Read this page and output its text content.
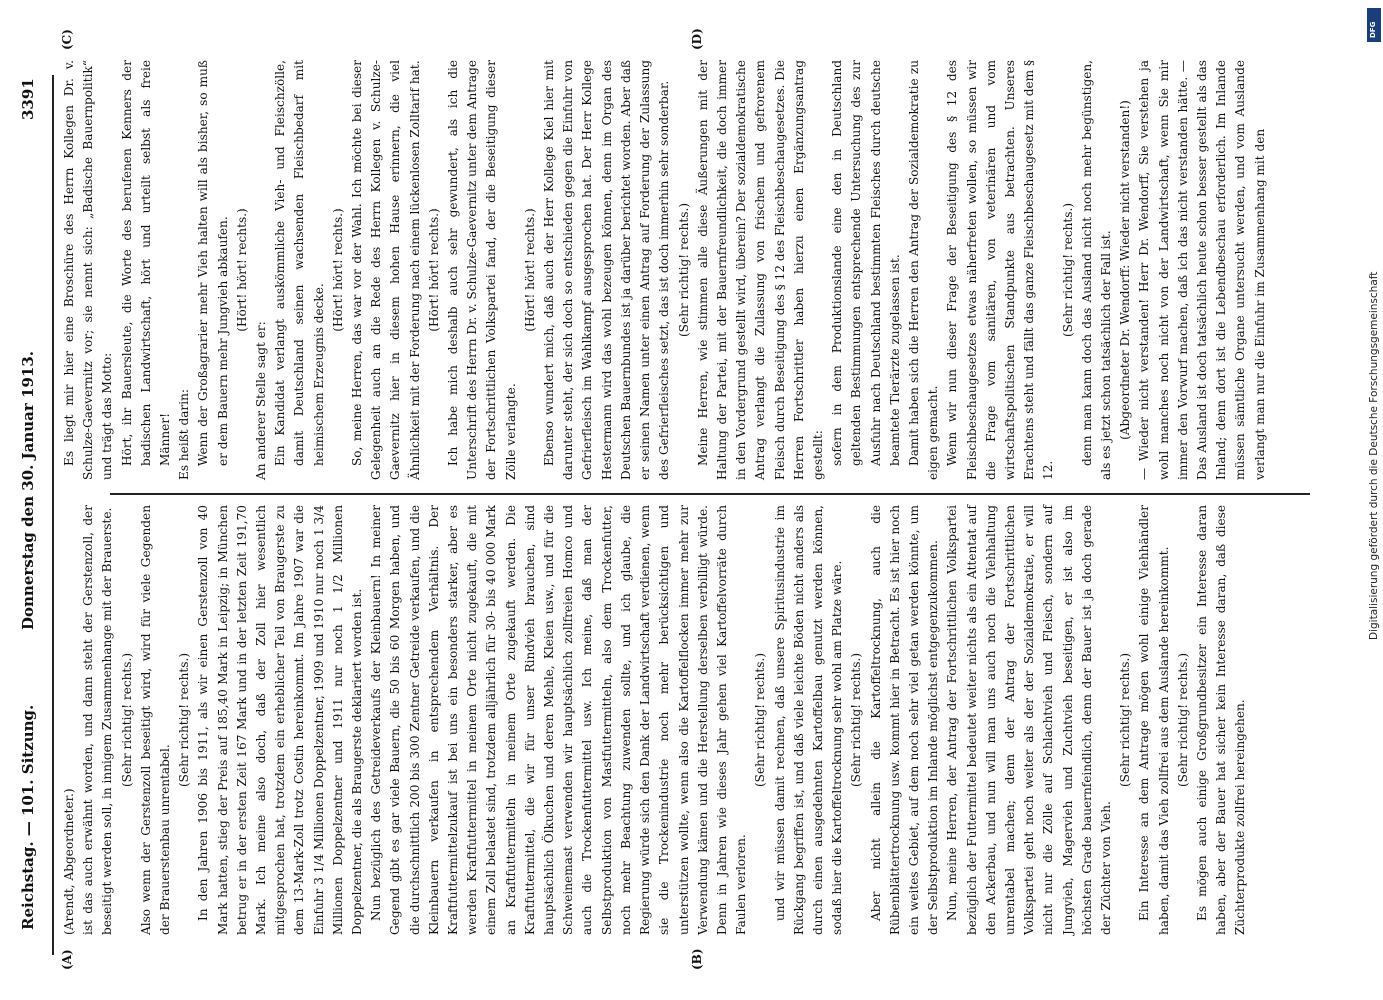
Reichstag. — 101. Sitzung.
Donnerstag den 30. Januar 1913.
3391
(A)	(B)
(C)	(D)

(Arendt, Abgeordneter.) ist das auch erwähnt worden, und dann steht der Gerstenzoll, der beseitigt werden soll, in innigem Zusammenhange mit der Brauerste. (Sehr richtig! rechts.) Also wenn der Gerstenzoll beseitigt wird, wird für viele Gegenden der Brauerstenbau unrentabel.

(Sehr richtig! rechts.) In den Jahren 1906 bis 1911, als wir einen Gerstenzoll von 40 Mark hatten, stieg der Preis auf 185,40 Mark in Leipzig; in München betrug er in der ersten Zeit 167 Mark und in der letzten Zeit 191,70 Mark. Ich meine also doch, daß der Zoll hier wesentlich mitgesprochen hat, trotzdem ein erheblicher Teil von Braugerste zu dem 13-Mark-Zoll trotz Costin hereinkommt. Im Jahre 1907 war die Einfuhr 3 1/4 Millionen Doppelzentner, 1909 und 1910 nur noch 1 3/4 Millionen Doppelzentner und 1911 nur noch 1 1/2 Millionen Doppelzentner, die als Braugerste deklariert worden ist. Nun bezüglich des Getreideverkaufs der Kleinbauern! In meiner Gegend gibt es gar viele Bauern, die 50 bis 60 Morgen haben, und die durchschnittlich 200 bis 300 Zentner Getreide verkaufen, und die Kleinbauern verkaufen in entsprechendem Verhältnis. Der Kraftfuttermittelzukauf ist bei uns ein besonders starker, aber es werden Kraftfuttermittel in meinem Orte nicht zugekauft, die mit einem Zoll belastet sind, trotzdem alljährlich für 30- bis 40 000 Mark an Kraftfuttermitteln in meinem Orte zugekauft werden. Die Kraftfuttermittel, die wir für unser Rindvieh brauchen, sind hauptsächlich Ölkuchen und deren Mehle, Kleien usw., und für die Schweinemast verwenden wir hauptsächlich zollfreien Homco und auch die Trockenfuttermittel usw. Ich meine, daß man der Selbstproduktion von Mastfuttermitteln, also dem Trockenfutter, noch mehr Beachtung zuwenden sollte, und ich glaube, die Regierung würde sich den Dank der Landwirtschaft verdienen, wenn sie die Trockenindustrie noch mehr berücksichtigen und unterstützen wollte, wenn also die Kartoffelflocken immer mehr zur Verwendung kämen und die Herstellung derselben verbilligt würde. Denn in Jahren wie dieses Jahr gehen viel Kartoffelvorräte durch Faulen verloren.

(Sehr richtig! rechts.) und wir müssen damit rechnen, daß unsere Spiritusindustrie im Rückgang begriffen ist, und daß viele leichte Böden nicht anders als durch einen ausgedehnten Kartoffelbau genutzt werden können, sodaß hier die Kartoffeltrocknung sehr wohl am Platze wäre. (Sehr richtig! rechts.) Aber nicht allein die Kartoffeltrocknung, auch die Rübenblättertrocknung usw. kommt hier in Betracht. Es ist hier noch ein weites Gebiet, auf dem noch sehr viel getan werden könnte, um der Selbstproduktion im Inlande möglichst entgegenzukommen. Nun, meine Herren, der Antrag der Fortschrittlichen Volkspartei bezüglich der Futtermittel bedeutet weiter nichts als ein Attentat auf den Ackerbau, und nun will man uns auch noch die Viehhaltung unrentabel machen; denn der Antrag der Fortschrittlichen Volkspartei geht noch weiter als der der Sozialdemokratie, er will nicht nur die Zölle auf Schlachtvieh und Fleisch, sondern auf Jungvieh, Magervieh und Zuchtvieh beseitigen, er ist also im höchsten Grade bauernfeindlich, denn der Bauer ist ja doch gerade der Züchter von Vieh.

(Sehr richtig! rechts.) Ein Interesse an dem Antrage mögen wohl einige Viehhändler haben, damit das Vieh zollfrei aus dem Auslande hereinkommt. (Sehr richtig! rechts.) Es mögen auch einige Großgrundbesitzer ein Interesse daran haben, aber der Bauer hat sicher kein Interesse daran, daß diese Züchterprodukte zollfrei hereingehen.

Es liegt mir hier eine Broschüre des Herrn Kollegen Dr. v. Schulze-Gaevernitz vor; sie nennt sich: „Badische Bauernpolitik“ und trägt das Motto: Hört, ihr Bauersleute, die Worte des berufenen Kenners der badischen Landwirtschaft, hört und urteilt selbst als freie Männer! Es heißt darin: Wenn der Großagrarier mehr Vieh halten will als bisher, so muß er dem Bauern mehr Jungvieh abkaufen. (Hört! hört! rechts.)

An anderer Stelle sagt er: Ein Kandidat verlangt auskömmliche Vieh- und Fleischzölle, damit Deutschland seinen wachsenden Fleischbedarf mit heimischem Erzeugnis decke.

(Hört! hört! rechts.) So, meine Herren, das war vor der Wahl. Ich möchte bei dieser Gelegenheit auch an die Rede des Herrn Kollegen v. Schulze-Gaevernitz hier in diesem hohen Hause erinnern, die viel Ähnlichkeit mit der Forderung nach einem lückenlosen Zolltarif hat. (Hört! hört! rechts.) Ich habe mich deshalb auch sehr gewundert, als ich die Unterschrift des Herrn Dr. v. Schulze-Gaevernitz unter dem Antrage der Fortschrittlichen Volkspartei fand, der die Beseitigung dieser Zölle verlangte.

(Hört! hört! rechts.) Ebenso wundert mich, daß auch der Herr Kollege Kiel hier mit darunter steht, der sich doch so entschieden gegen die Einfuhr von Gefrierfleisch im Wahlkampf ausgesprochen hat. Der Herr Kollege Hestermann wird das wohl bezeugen können, denn im Organ des Deutschen Bauernbundes ist ja darüber berichtet worden. Aber daß er seinen Namen unter einen Antrag auf Forderung der Zulassung des Gefrierfleisches setzt, das ist doch immerhin sehr sonderbar. (Sehr richtig! rechts.) Meine Herren, wie stimmen alle diese Äußerungen mit der Haltung der Partei, mit der Bauernfreundlichkeit, die doch immer in den Vordergrund gestellt wird, überein? Der sozialdemokratische Antrag verlangt die Zulassung von frischem und gefrorenem Fleisch durch Beseitigung des § 12 des Fleischbeschaugesetzes. Die Herren Fortschrittler haben hierzu einen Ergänzungsantrag gestellt: sofern in dem Produktionslande eine den in Deutschland geltenden Bestimmungen entsprechende Untersuchung des zur Ausfuhr nach Deutschland bestimmten Fleisches durch deutsche beamtete Tierärzte zugelassen ist. Damit haben sich die Herren den Antrag der Sozialdemokratie zu eigen gemacht. Wenn wir nun dieser Frage der Beseitigung des § 12 des Fleischbeschaugesetzes etwas näherfreten wollen, so müssen wir die Frage vom sanitären, von veterinären und vom wirtschaftspolitischen Standpunkte aus betrachten. Unseres Erachtens steht und fällt das ganze Fleischbeschaugesetz mit dem § 12.

(Sehr richtig! rechts.) denn man kann doch das Ausland nicht noch mehr begünstigen, als es jetzt schon tatsächlich der Fall ist. (Abgeordneter Dr. Wendorff: Wieder nicht verstanden!) — Wieder nicht verstanden! Herr Dr. Wendorff, Sie verstehen ja wohl manches noch nicht von der Landwirtschaft, wenn Sie mir immer den Vorwurf machen, daß ich das nicht verstanden hätte. — Das Ausland ist doch tatsächlich heute schon besser gestellt als das Inland; denn dort ist die Lebendbeschau erforderlich. Im Inlande müssen sämtliche Organe untersucht werden, und vom Auslande verlangt man nur die Einfuhr im Zusammenhang mit den	Digitalisierung gefördert durch die Deutsche Forschungsgemeinschaft
DFG
